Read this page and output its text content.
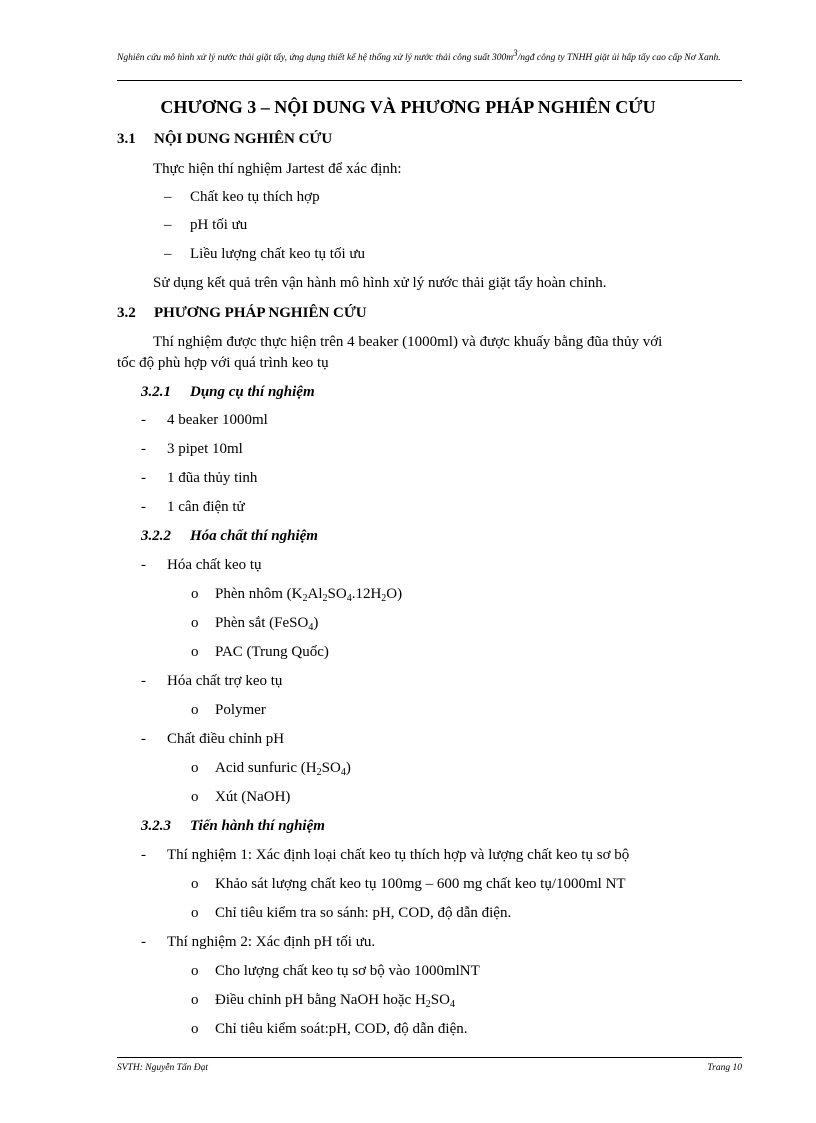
Nghiên cứu mô hình xử lý nước thải giặt tẩy, ứng dụng thiết kế hệ thống xử lý nước thải công suất $300m^3$/ngđ công ty TNHH giặt ủi hấp tẩy cao cấp Nơ Xanh.
CHƯƠNG 3 – NỘI DUNG VÀ PHƯƠNG PHÁP NGHIÊN CỨU
3.1 NỘI DUNG NGHIÊN CỨU
Thực hiện thí nghiệm Jartest để xác định:
– Chất keo tụ thích hợp
– pH tối ưu
– Liều lượng chất keo tụ tối ưu
Sử dụng kết quả trên vận hành mô hình xử lý nước thải giặt tẩy hoàn chỉnh.
3.2 PHƯƠNG PHÁP NGHIÊN CỨU
Thí nghiệm được thực hiện trên 4 beaker (1000ml) và được khuấy bằng đũa thủy với
tốc độ phù hợp với quá trình keo tụ
3.2.1 Dụng cụ thí nghiệm
- 4 beaker 1000ml
- 3 pipet 10ml
- 1 đũa thủy tinh
- 1 cân điện tử
3.2.2 Hóa chất thí nghiệm
- Hóa chất keo tụ
o Phèn nhôm $(K_2Al_2SO_4.12H_2O)$
o Phèn sắt (FeSO$_4$)
o PAC (Trung Quốc)
- Hóa chất trợ keo tụ
o Polymer
- Chất điều chỉnh pH
o Acid sunfuric $(H_2SO_4)$
o Xút (NaOH)
3.2.3 Tiến hành thí nghiệm
- Thí nghiệm 1: Xác định loại chất keo tụ thích hợp và lượng chất keo tụ sơ bộ
o Khảo sát lượng chất keo tụ 100mg – 600 mg chất keo tụ/1000ml NT
o Chỉ tiêu kiểm tra so sánh: pH, COD, độ dẫn điện.
- Thí nghiệm 2: Xác định pH tối ưu.
o Cho lượng chất keo tụ sơ bộ vào 1000mlNT
o Điều chỉnh pH bằng NaOH hoặc $H_2SO_4$
o Chỉ tiêu kiểm soát:pH, COD, độ dẫn điện.
SVTH: Nguyễn Tấn Đạt	Trang 10
